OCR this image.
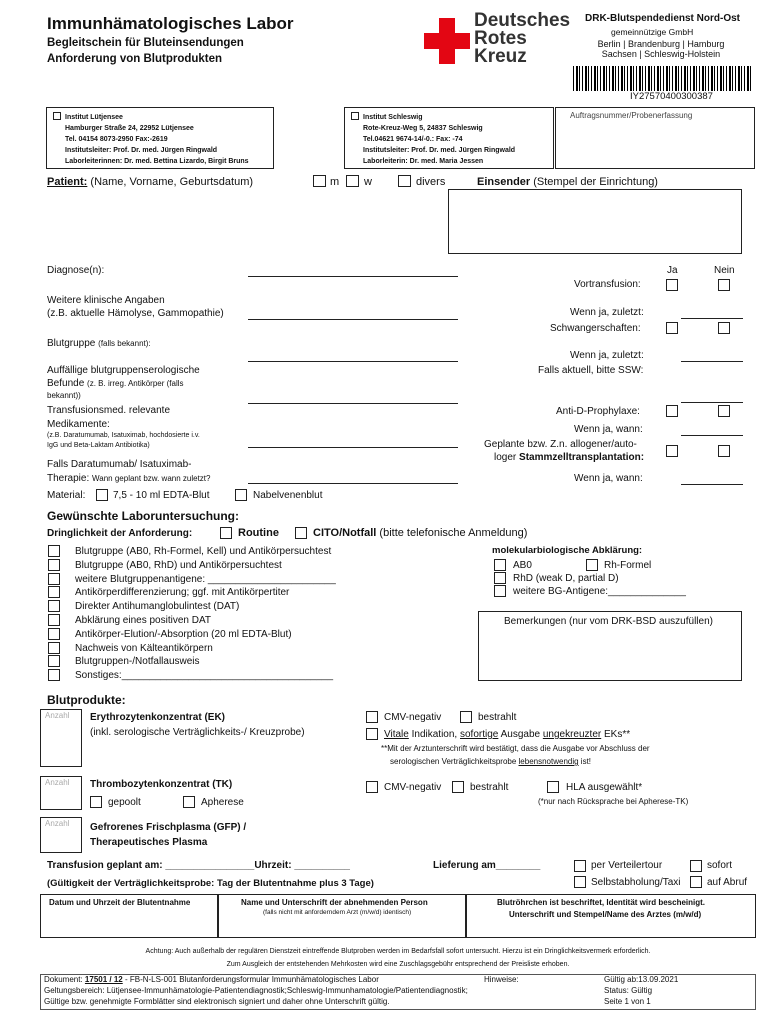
Immunhämatologisches Labor
Begleitschein für Bluteinsendungen
Anforderung von Blutprodukten
Deutsches
Rotes
Kreuz
DRK-Blutspendedienst Nord-Ost
gemeinnützige GmbH
Berlin | Brandenburg | Hamburg
Sachsen | Schleswig-Holstein
IY27570400300387
Institut Lütjensee
Hamburger Straße 24, 22952 Lütjensee
Tel. 04154 8073-2950 Fax:-2619
Institutsleiter: Prof. Dr. med. Jürgen Ringwald
Laborleiterinnen: Dr. med. Bettina Lizardo, Birgit Bruns
Institut Schleswig
Rote-Kreuz-Weg 5, 24837 Schleswig
Tel.04621 9674-14/-0.: Fax: -74
Institutsleiter: Prof. Dr. med. Jürgen Ringwald
Laborleiterin: Dr. med. Maria Jessen
Auftragsnummer/Probenerfassung
Patient: (Name, Vorname, Geburtsdatum)	m w	divers	Einsender (Stempel der Einrichtung)
Diagnose(n):
Weitere klinische Angaben
(z.B. aktuelle Hämolyse, Gammopathie)
Blutgruppe (falls bekannt):
Auffällige blutgruppenserologische
Befunde (z. B. irreg. Antikörper (falls
bekannt))
Transfusionsmed. relevante
Medikamente:
(z.B. Daratumumab, Isatuximab, hochdosierte i.v.
IgG und Beta-Laktam Antibiotika)
Falls Daratumumab/ Isatuximab-
Therapie: Wann geplant bzw. wann zuletzt?
Material:	7,5 - 10 ml EDTA-Blut	Nabelvenenblut
Ja	Nein
Vortransfusion:
Wenn ja, zuletzt:
Schwangerschaften:
Wenn ja, zuletzt:
Falls aktuell, bitte SSW:
Anti-D-Prophylaxe:
Wenn ja, wann:
Geplante bzw. Z.n. allogener/auto-
loger Stammzelltransplantation:
Wenn ja, wann:
Gewünschte Laboruntersuchung:
Dringlichkeit der Anforderung:	Routine	CITO/Notfall (bitte telefonische Anmeldung)
Blutgruppe (AB0, Rh-Formel, Kell) und Antikörpersuchtest
Blutgruppe (AB0, RhD) und Antikörpersuchtest
weitere Blutgruppenantigene: _______________________
Antikörperdifferenzierung; ggf. mit Antikörpertiter
Direkter Antihumanglobulintest (DAT)
Abklärung eines positiven DAT
Antikörper-Elution/-Absorption (20 ml EDTA-Blut)
Nachweis von Kälteantikörpern
Blutgruppen-/Notfallausweis
Sonstiges:______________________________________
molekularbiologische Abklärung:
AB0	Rh-Formel
RhD (weak D, partial D)
weitere BG-Antigene:______________
Bemerkungen (nur vom DRK-BSD auszufüllen)
Blutprodukte:
Anzahl Erythrozytenkonzentrat (EK)
(inkl. serologische Verträglichkeits-/ Kreuzprobe)
CMV-negativ	bestrahlt
Vitale Indikation, sofortige Ausgabe ungekreuzter EKs**
**Mit der Arztunterschrift wird bestätigt, dass die Ausgabe vor Abschluss der
serologischen Verträglichkeitsprobe lebensnotwendig ist!
Anzahl Thrombozytenkonzentrat (TK)
gepoolt	Apherese
CMV-negativ	bestrahlt	HLA ausgewählt*
(*nur nach Rücksprache bei Apherese-TK)
Anzahl Gefrorenes Frischplasma (GFP) /
Therapeutisches Plasma
Transfusion geplant am: ________________Uhrzeit: __________	Lieferung am________	per Verteilertour	sofort
(Gültigkeit der Verträglichkeitsprobe: Tag der Blutentnahme plus 3 Tage)	Selbstabholung/Taxi	auf Abruf
Datum und Uhrzeit der Blutentnahme	Name und Unterschrift der abnehmenden Person
(falls nicht mit anforderndem Arzt (m/w/d) identisch)
Blutröhrchen ist beschriftet, Identität wird bescheinigt.
Unterschrift und Stempel/Name des Arztes (m/w/d)
Achtung: Auch außerhalb der regulären Dienstzeit eintreffende Blutproben werden im Bedarfsfall sofort untersucht. Hierzu ist ein Dringlichkeitsvermerk erforderlich.
Zum Ausgleich der entstehenden Mehrkosten wird eine Zuschlagsgebühr entsprechend der Preisliste erhoben.
Dokument: 17501 / 12 - FB-N-LS-001 Blutanforderungsformular Immunhämatologisches Labor	Hinweise:	Gültig ab:13.09.2021
Geltungsbereich: Lütjensee-Immunhämatologie-Patientendiagnostik;Schleswig-Immunhamatologie/Patientendiagnostik;	Status: Gültig
Gültige bzw. genehmigte Formblätter sind elektronisch signiert und daher ohne Unterschrift gültig.	Seite 1 von 1
